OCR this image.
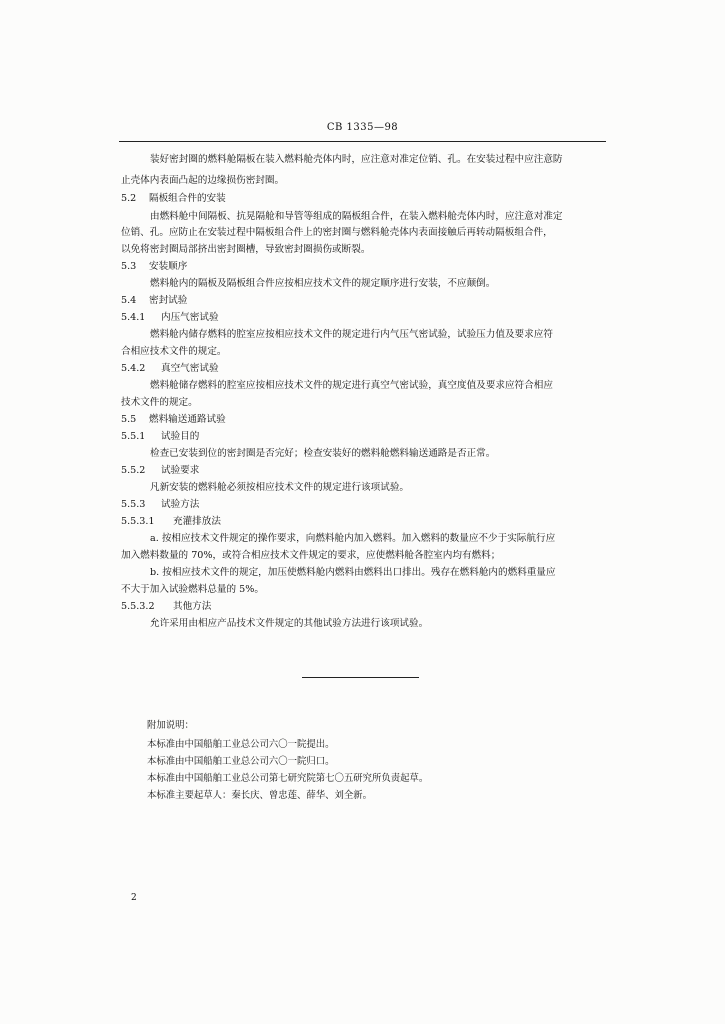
CB 1335—98
装好密封圈的燃料舱隔板在装入燃料舱壳体内时，应注意对准定位销、孔。在安装过程中应注意防
止壳体内表面凸起的边缘损伤密封圈。
5.2 隔板组合件的安装
由燃料舱中间隔板、抗晃隔舱和导管等组成的隔板组合件，在装入燃料舱壳体内时，应注意对准定
位销、孔。应防止在安装过程中隔板组合件上的密封圈与燃料舱壳体内表面接触后再转动隔板组合件，
以免将密封圈局部挤出密封圈槽，导致密封圈损伤或断裂。
5.3 安装顺序
燃料舱内的隔板及隔板组合件应按相应技术文件的规定顺序进行安装，不应颠倒。
5.4 密封试验
5.4.1 内压气密试验
燃料舱内储存燃料的腔室应按相应技术文件的规定进行内气压气密试验，试验压力值及要求应符
合相应技术文件的规定。
5.4.2 真空气密试验
燃料舱储存燃料的腔室应按相应技术文件的规定进行真空气密试验，真空度值及要求应符合相应
技术文件的规定。
5.5 燃料输送通路试验
5.5.1 试验目的
检查已安装到位的密封圈是否完好；检查安装好的燃料舱燃料输送通路是否正常。
5.5.2 试验要求
凡新安装的燃料舱必须按相应技术文件的规定进行该项试验。
5.5.3 试验方法
5.5.3.1 充灌排放法
a. 按相应技术文件规定的操作要求，向燃料舱内加入燃料。加入燃料的数量应不少于实际航行应
加入燃料数量的 70%，或符合相应技术文件规定的要求，应使燃料舱各腔室内均有燃料；
b. 按相应技术文件的规定，加压使燃料舱内燃料由燃料出口排出。残存在燃料舱内的燃料重量应
不大于加入试验燃料总量的 5%。
5.5.3.2 其他方法
允许采用由相应产品技术文件规定的其他试验方法进行该项试验。
附加说明：
本标准由中国船舶工业总公司六〇一院提出。
本标准由中国船舶工业总公司六〇一院归口。
本标准由中国船舶工业总公司第七研究院第七〇五研究所负责起草。
本标准主要起草人：秦长庆、曾忠莲、薛华、刘全新。
2
